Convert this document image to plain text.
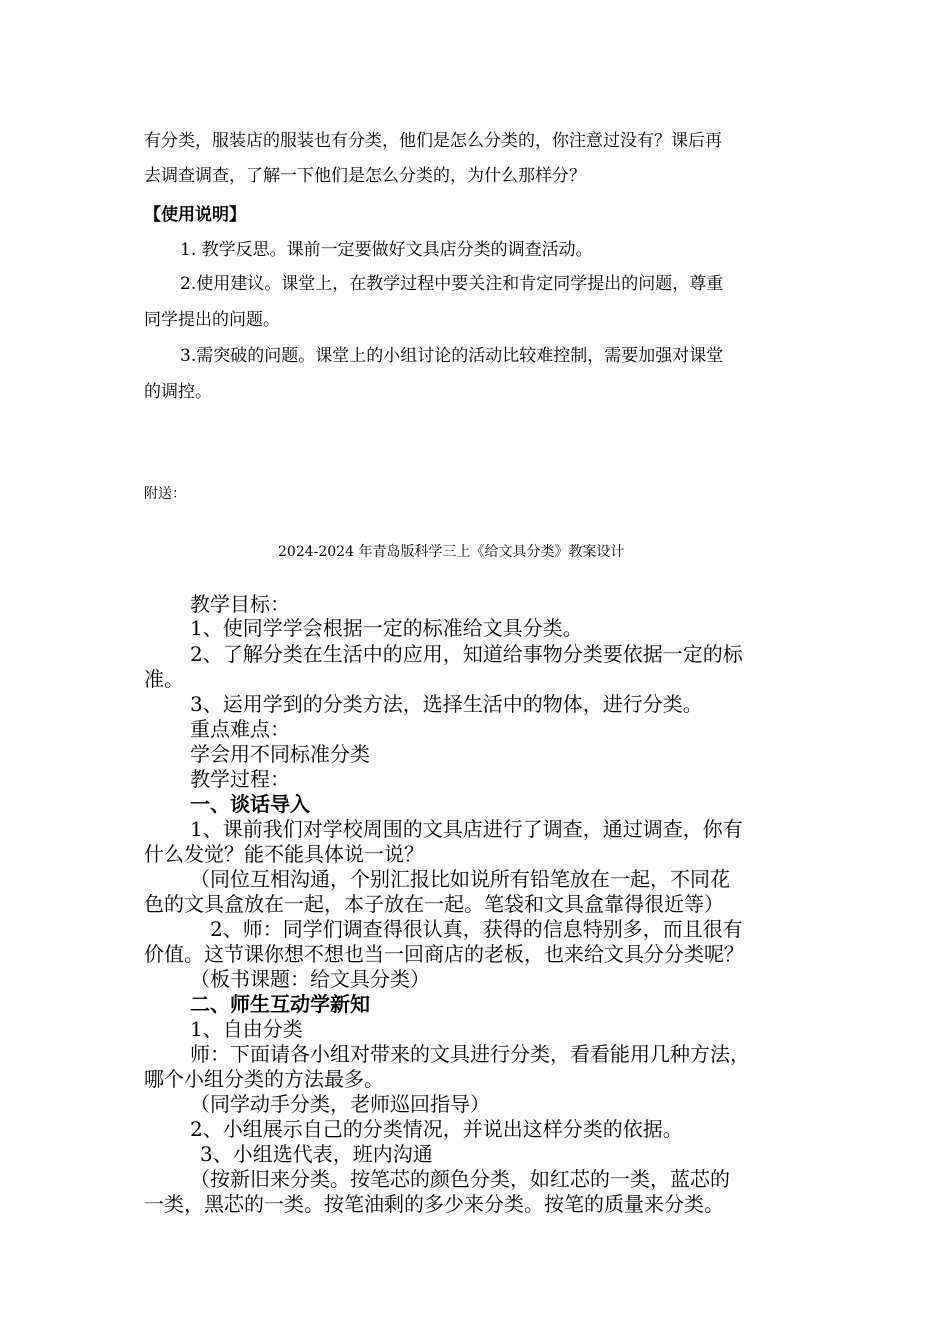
有分类，服装店的服装也有分类，他们是怎么分类的，你注意过没有？课后再
去调查调查，了解一下他们是怎么分类的，为什么那样分？
【使用说明】
1. 教学反思。课前一定要做好文具店分类的调查活动。
2.使用建议。课堂上，在教学过程中要关注和肯定同学提出的问题，尊重
同学提出的问题。
3.需突破的问题。课堂上的小组讨论的活动比较难控制，需要加强对课堂
的调控。
附送：
2024-2024 年青岛版科学三上《给文具分类》教案设计
教学目标：
1、使同学学会根据一定的标准给文具分类。
2、了解分类在生活中的应用，知道给事物分类要依据一定的标
准。
3、运用学到的分类方法，选择生活中的物体，进行分类。
重点难点：
学会用不同标准分类
教学过程：
一、谈话导入
1、课前我们对学校周围的文具店进行了调查，通过调查，你有
什么发觉？能不能具体说一说？
（同位互相沟通，个别汇报比如说所有铅笔放在一起，不同花
色的文具盒放在一起，本子放在一起。笔袋和文具盒靠得很近等）
2、师：同学们调查得很认真，获得的信息特别多，而且很有
价值。这节课你想不想也当一回商店的老板，也来给文具分分类呢？
（板书课题：给文具分类）
二、师生互动学新知
1、自由分类
师：下面请各小组对带来的文具进行分类，看看能用几种方法，
哪个小组分类的方法最多。
（同学动手分类，老师巡回指导）
2、小组展示自己的分类情况，并说出这样分类的依据。
3、小组选代表，班内沟通
（按新旧来分类。按笔芯的颜色分类，如红芯的一类，蓝芯的
一类，黑芯的一类。按笔油剩的多少来分类。按笔的质量来分类。
